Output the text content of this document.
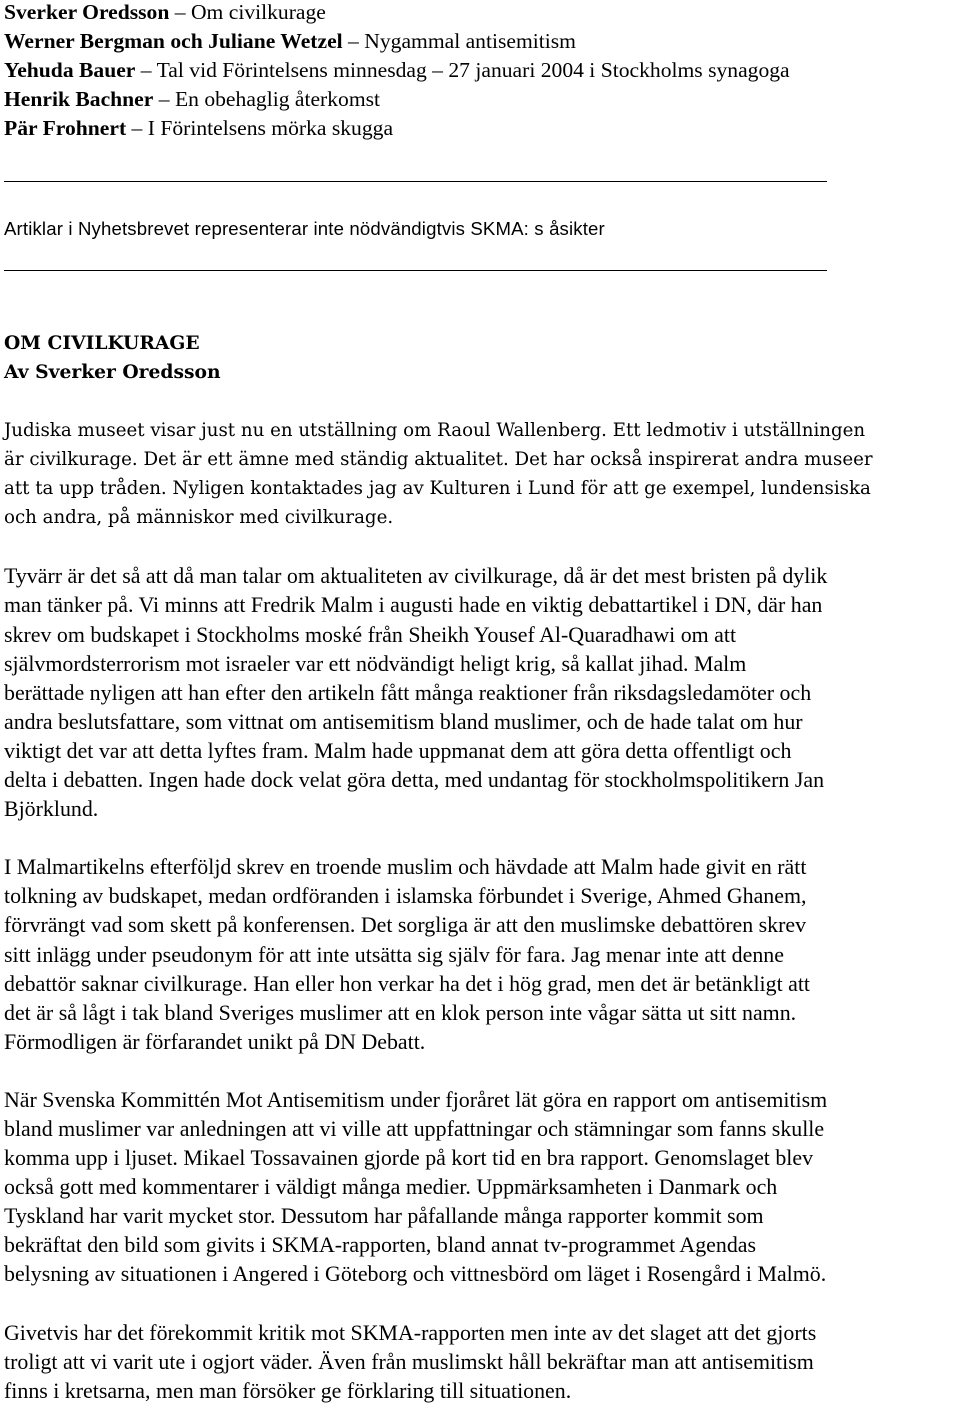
Sverker Oredsson – Om civilkurage

Werner Bergman och Juliane Wetzel – Nygammal antisemitism

Yehuda Bauer – Tal vid Förintelsens minnesdag – 27 januari 2004 i Stockholms synagoga

Henrik Bachner – En obehaglig återkomst

Pär Frohnert – I Förintelsens mörka skugga

Artiklar i Nyhetsbrevet representerar inte nödvändigtvis SKMA: s åsikter

OM CIVILKURAGE

Av Sverker Oredsson

Judiska museet visar just nu en utställning om Raoul Wallenberg. Ett ledmotiv i utställningen
är civilkurage. Det är ett ämne med ständig aktualitet. Det har också inspirerat andra museer
att ta upp tråden. Nyligen kontaktades jag av Kulturen i Lund för att ge exempel, lundensiska
och andra, på människor med civilkurage.

Tyvärr är det så att då man talar om aktualiteten av civilkurage, då är det mest bristen på dylik
man tänker på. Vi minns att Fredrik Malm i augusti hade en viktig debattartikel i DN, där han
skrev om budskapet i Stockholms moské från Sheikh Yousef Al-Quaradhawi om att
självmordsterrorism mot israeler var ett nödvändigt heligt krig, så kallat jihad. Malm
berättade nyligen att han efter den artikeln fått många reaktioner från riksdagsledamöter och
andra beslutsfattare, som vittnat om antisemitism bland muslimer, och de hade talat om hur
viktigt det var att detta lyftes fram. Malm hade uppmanat dem att göra detta offentligt och
delta i debatten. Ingen hade dock velat göra detta, med undantag för stockholmspolitikern Jan
Björklund.

I Malmartikelns efterföljd skrev en troende muslim och hävdade att Malm hade givit en rätt
tolkning av budskapet, medan ordföranden i islamska förbundet i Sverige, Ahmed Ghanem,
förvrängt vad som skett på konferensen. Det sorgliga är att den muslimske debattören skrev
sitt inlägg under pseudonym för att inte utsätta sig själv för fara. Jag menar inte att denne
debattör saknar civilkurage. Han eller hon verkar ha det i hög grad, men det är betänkligt att
det är så lågt i tak bland Sveriges muslimer att en klok person inte vågar sätta ut sitt namn.
Förmodligen är förfarandet unikt på DN Debatt.

När Svenska Kommittén Mot Antisemitism under fjoråret lät göra en rapport om antisemitism
bland muslimer var anledningen att vi ville att uppfattningar och stämningar som fanns skulle
komma upp i ljuset. Mikael Tossavainen gjorde på kort tid en bra rapport. Genomslaget blev
också gott med kommentarer i väldigt många medier. Uppmärksamheten i Danmark och
Tyskland har varit mycket stor. Dessutom har påfallande många rapporter kommit som
bekräftat den bild som givits i SKMA-rapporten, bland annat tv-programmet Agendas
belysning av situationen i Angered i Göteborg och vittnesbörd om läget i Rosengård i Malmö.

Givetvis har det förekommit kritik mot SKMA-rapporten men inte av det slaget att det gjorts
troligt att vi varit ute i ogjort väder. Även från muslimskt håll bekräftar man att antisemitism
finns i kretsarna, men man försöker ge förklaring till situationen.
